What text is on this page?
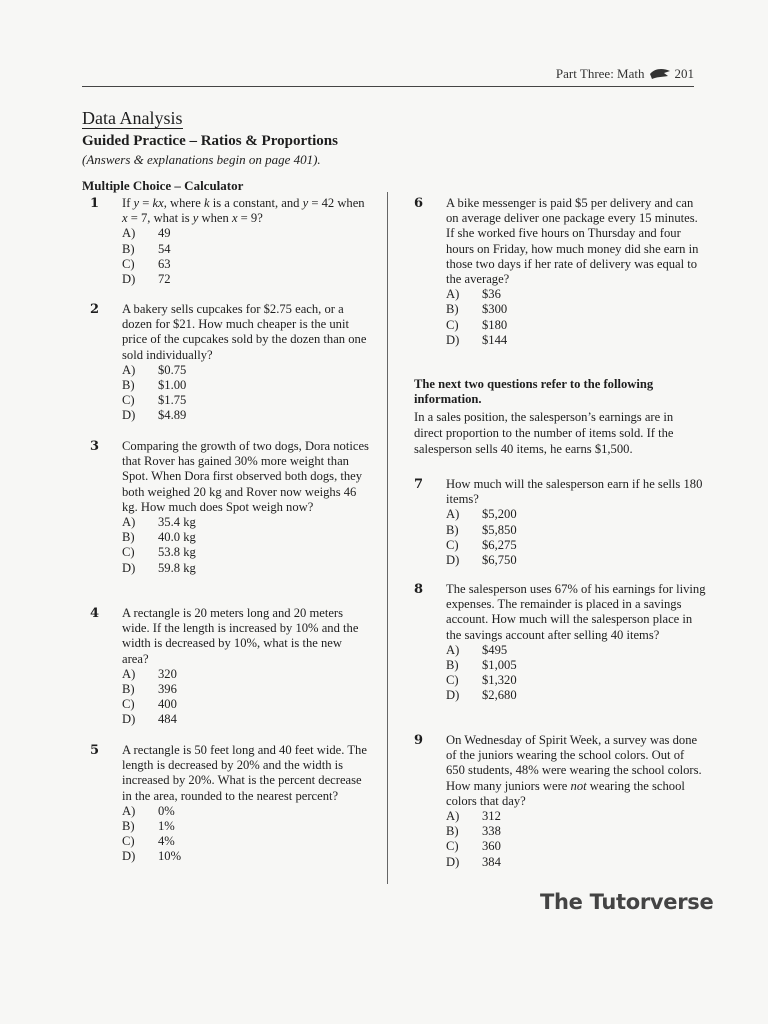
Part Three: Math 201
Data Analysis
Guided Practice – Ratios & Proportions
(Answers & explanations begin on page 401).
Multiple Choice – Calculator
1 If y = kx, where k is a constant, and y = 42 when x = 7, what is y when x = 9?
A)	49
B)	54
C)	63
D)	72
2 A bakery sells cupcakes for $2.75 each, or a dozen for $21. How much cheaper is the unit price of the cupcakes sold by the dozen than one sold individually?
A)	$0.75
B)	$1.00
C)	$1.75
D)	$4.89
3 Comparing the growth of two dogs, Dora notices that Rover has gained 30% more weight than Spot. When Dora first observed both dogs, they both weighed 20 kg and Rover now weighs 46 kg. How much does Spot weigh now?
A)	35.4 kg
B)	40.0 kg
C)	53.8 kg
D)	59.8 kg
4 A rectangle is 20 meters long and 20 meters wide. If the length is increased by 10% and the width is decreased by 10%, what is the new area?
A)	320
B)	396
C)	400
D)	484
5 A rectangle is 50 feet long and 40 feet wide. The length is decreased by 20% and the width is increased by 20%. What is the percent decrease in the area, rounded to the nearest percent?
A)	0%
B)	1%
C)	4%
D)	10%
6 A bike messenger is paid $5 per delivery and can on average deliver one package every 15 minutes. If she worked five hours on Thursday and four hours on Friday, how much money did she earn in those two days if her rate of delivery was equal to the average?
A)	$36
B)	$300
C)	$180
D)	$144
The next two questions refer to the following information.
In a sales position, the salesperson’s earnings are in direct proportion to the number of items sold. If the salesperson sells 40 items, he earns $1,500.
7 How much will the salesperson earn if he sells 180 items?
A)	$5,200
B)	$5,850
C)	$6,275
D)	$6,750
8 The salesperson uses 67% of his earnings for living expenses. The remainder is placed in a savings account. How much will the salesperson place in the savings account after selling 40 items?
A)	$495
B)	$1,005
C)	$1,320
D)	$2,680
9 On Wednesday of Spirit Week, a survey was done of the juniors wearing the school colors. Out of 650 students, 48% were wearing the school colors. How many juniors were not wearing the school colors that day?
A)	312
B)	338
C)	360
D)	384
The Tutorverse
